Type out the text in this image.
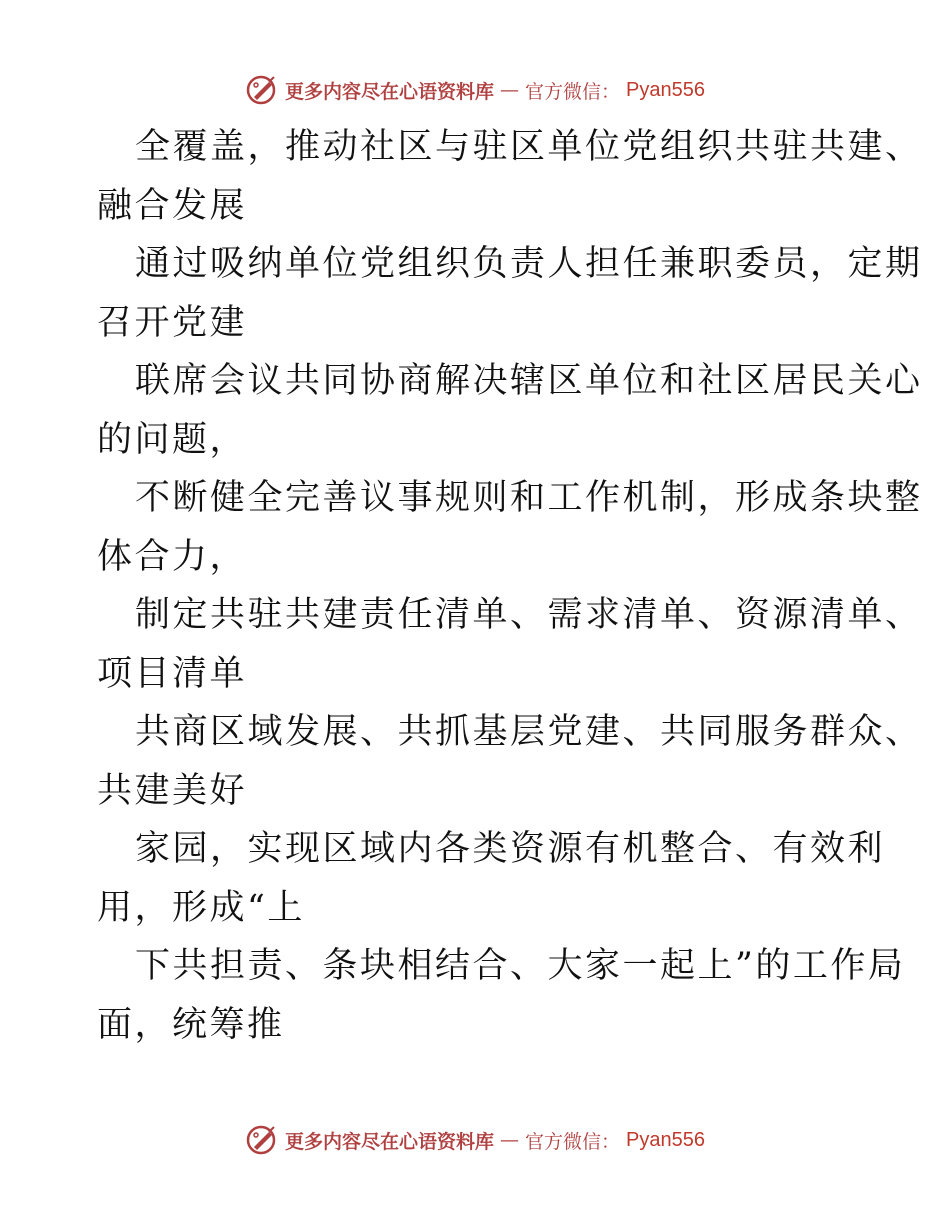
更多内容尽在心语资料库 — 官方微信： Pyan556
全覆盖，推动社区与驻区单位党组织共驻共建、
融合发展
通过吸纳单位党组织负责人担任兼职委员，定期
召开党建
联席会议共同协商解决辖区单位和社区居民关心
的问题，
不断健全完善议事规则和工作机制，形成条块整
体合力，
制定共驻共建责任清单、需求清单、资源清单、
项目清单
共商区域发展、共抓基层党建、共同服务群众、
共建美好
家园，实现区域内各类资源有机整合、有效利
用，形成“上
下共担责、条块相结合、大家一起上”的工作局
面，统筹推
更多内容尽在心语资料库 — 官方微信： Pyan556
